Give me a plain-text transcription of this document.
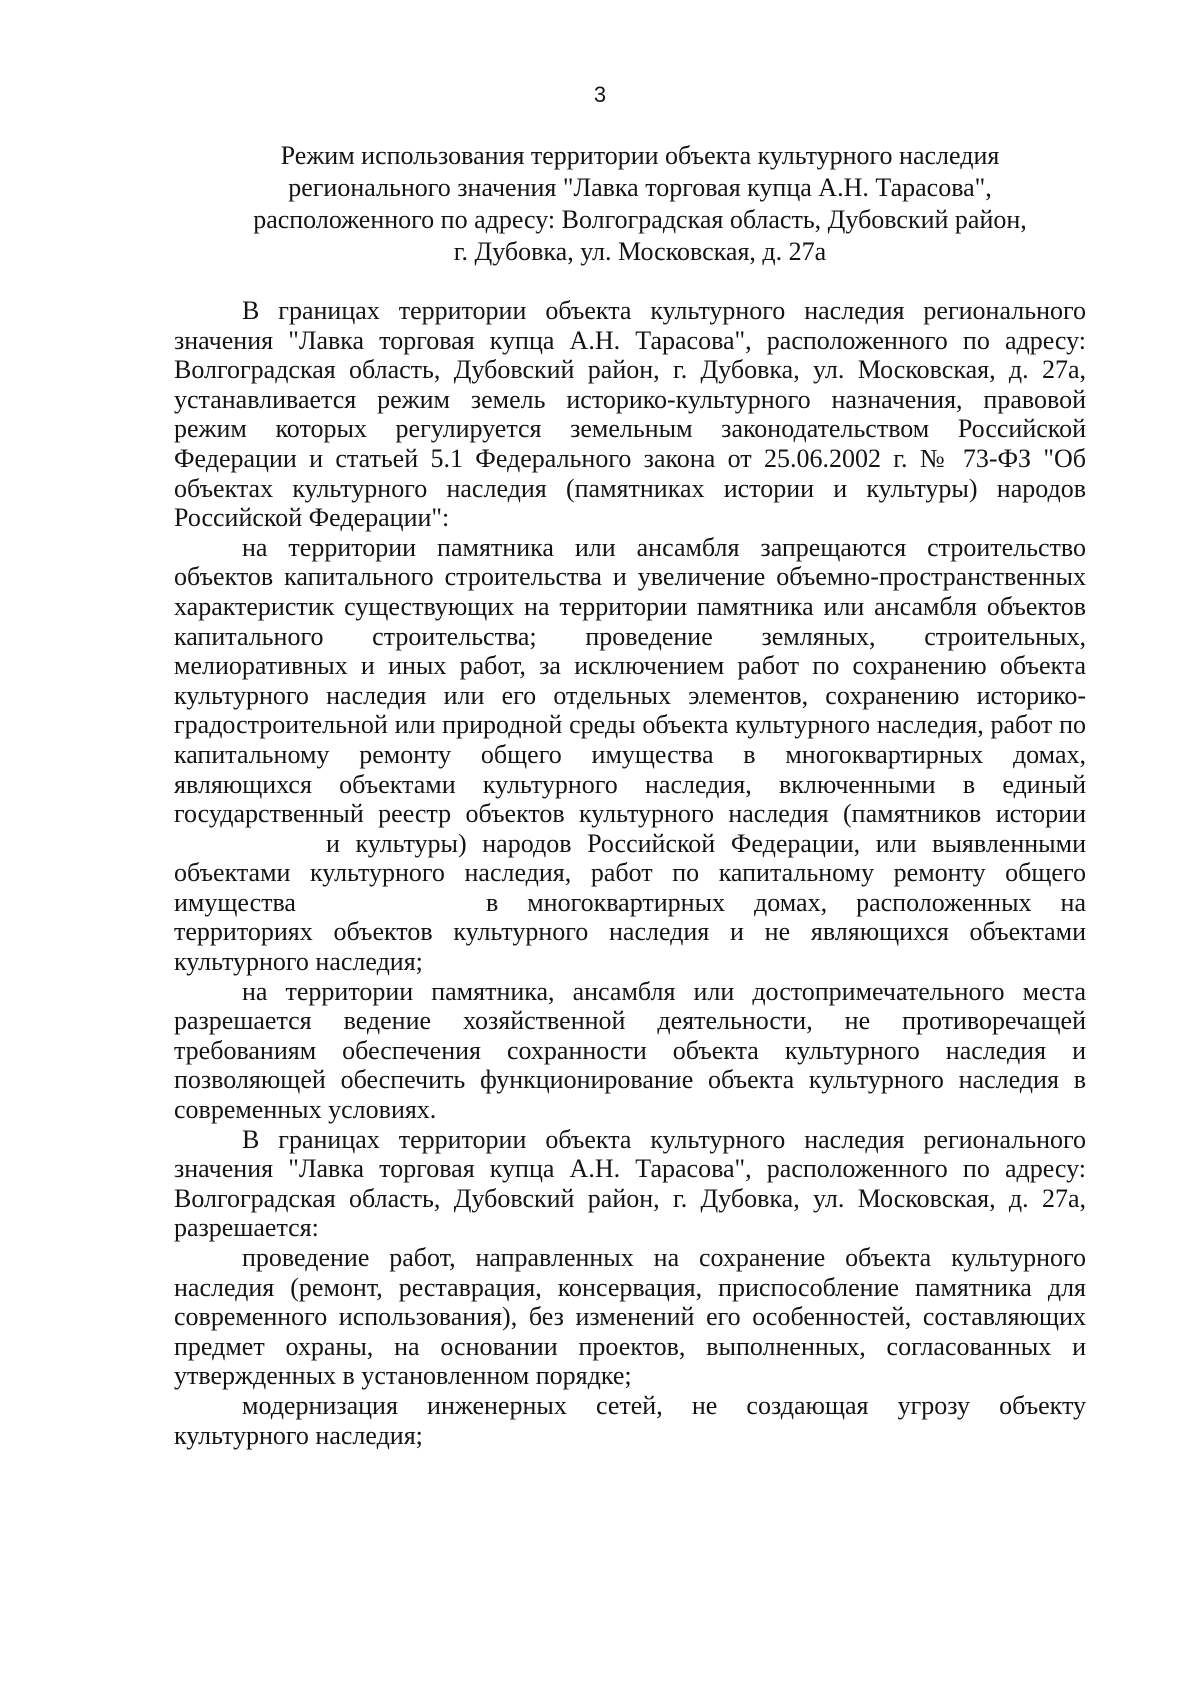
3
Режим использования территории объекта культурного наследия
регионального значения "Лавка торговая купца А.Н. Тарасова",
расположенного по адресу: Волгоградская область, Дубовский район,
г. Дубовка, ул. Московская, д. 27а

В границах территории объекта культурного наследия регионального значения "Лавка торговая купца А.Н. Тарасова", расположенного по адресу: Волгоградская область, Дубовский район, г. Дубовка, ул. Московская, д. 27а, устанавливается режим земель историко-культурного назначения, правовой режим которых регулируется земельным законодательством Российской Федерации и статьей 5.1 Федерального закона от 25.06.2002 г. № 73-ФЗ "Об объектах культурного наследия (памятниках истории и культуры) народов Российской Федерации":

на территории памятника или ансамбля запрещаются строительство объектов капитального строительства и увеличение объемно-пространственных характеристик существующих на территории памятника или ансамбля объектов капитального строительства; проведение земляных, строительных, мелиоративных и иных работ, за исключением работ по сохранению объекта культурного наследия или его отдельных элементов, сохранению историко- градостроительной или природной среды объекта культурного наследия, работ по капитальному ремонту общего имущества в многоквартирных домах, являющихся объектами культурного наследия, включенными в единый государственный реестр объектов культурного наследия (памятников историии культуры) народов Российской Федерации, или выявленными объектами культурного наследия, работ по капитальному ремонту общего имущества	в многоквартирных домах, расположенных на территориях объектов культурного наследия и не являющихся объектами культурного наследия;

на территории памятника, ансамбля или достопримечательного места разрешается ведение хозяйственной деятельности, не противоречащей требованиям обеспечения сохранности объекта культурного наследия и позволяющей обеспечить функционирование объекта культурного наследия в современных условиях.

В границах территории объекта культурного наследия регионального значения "Лавка торговая купца А.Н. Тарасова", расположенного по адресу: Волгоградская область, Дубовский район, г. Дубовка, ул. Московская, д. 27а, разрешается:

проведение работ, направленных на сохранение объекта культурного наследия (ремонт, реставрация, консервация, приспособление памятника для современного использования), без изменений его особенностей, составляющих предмет охраны, на основании проектов, выполненных, согласованных и утвержденных в установленном порядке;

модернизация инженерных сетей, не создающая угрозу объекту культурного наследия;
